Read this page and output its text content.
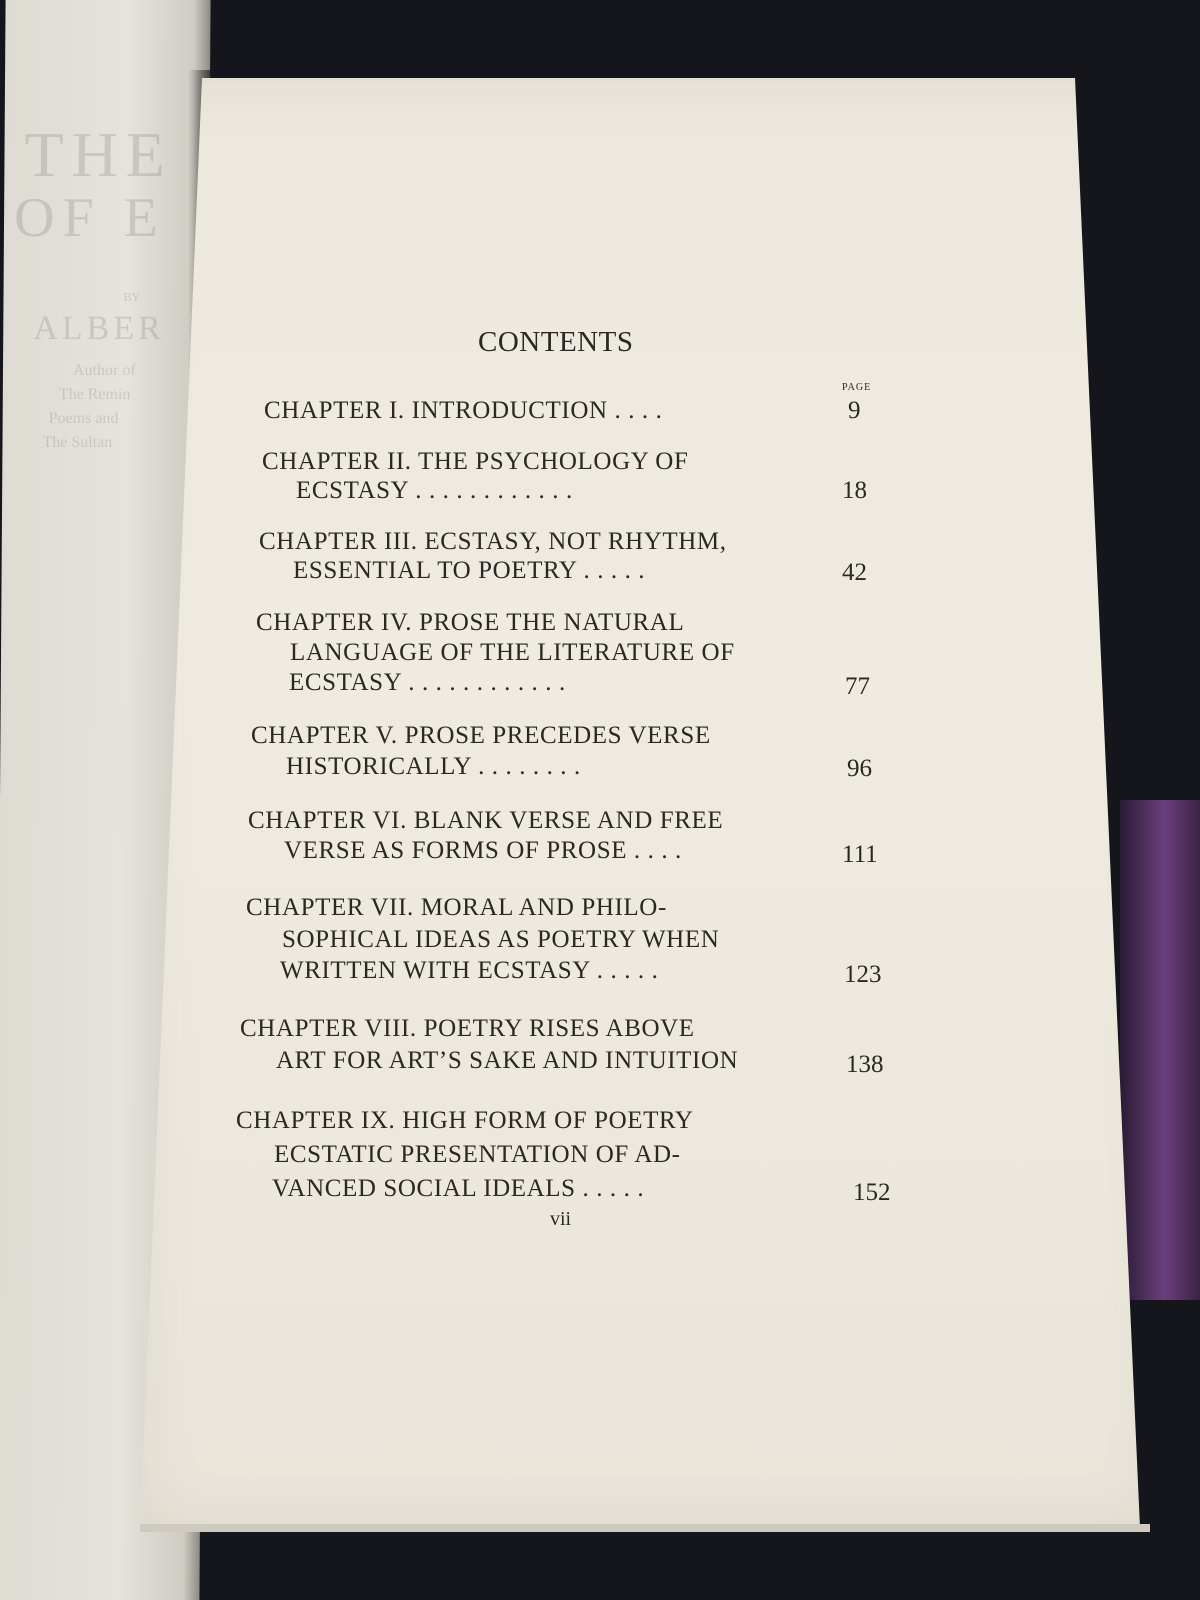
THE
OF E
BY
ALBER
Author of
The Remin
Poems and
The Sultan
CONTENTS
PAGE
CHAPTER I. INTRODUCTION . . . .	9
CHAPTER II. THE PSYCHOLOGY OF
ECSTASY . . . . . . . . . . . .	18
CHAPTER III. ECSTASY, NOT RHYTHM,
ESSENTIAL TO POETRY . . . . .	42
CHAPTER IV. PROSE THE NATURAL
LANGUAGE OF THE LITERATURE OF
ECSTASY . . . . . . . . . . . .	77
CHAPTER V. PROSE PRECEDES VERSE
HISTORICALLY . . . . . . . .	96
CHAPTER VI. BLANK VERSE AND FREE
VERSE AS FORMS OF PROSE . . . .	111
CHAPTER VII. MORAL AND PHILO-
SOPHICAL IDEAS AS POETRY WHEN
WRITTEN WITH ECSTASY . . . . .	123
CHAPTER VIII. POETRY RISES ABOVE
ART FOR ART’S SAKE AND INTUITION	138
CHAPTER IX. HIGH FORM OF POETRY
ECSTATIC PRESENTATION OF AD-
VANCED SOCIAL IDEALS . . . . .	152
vii
